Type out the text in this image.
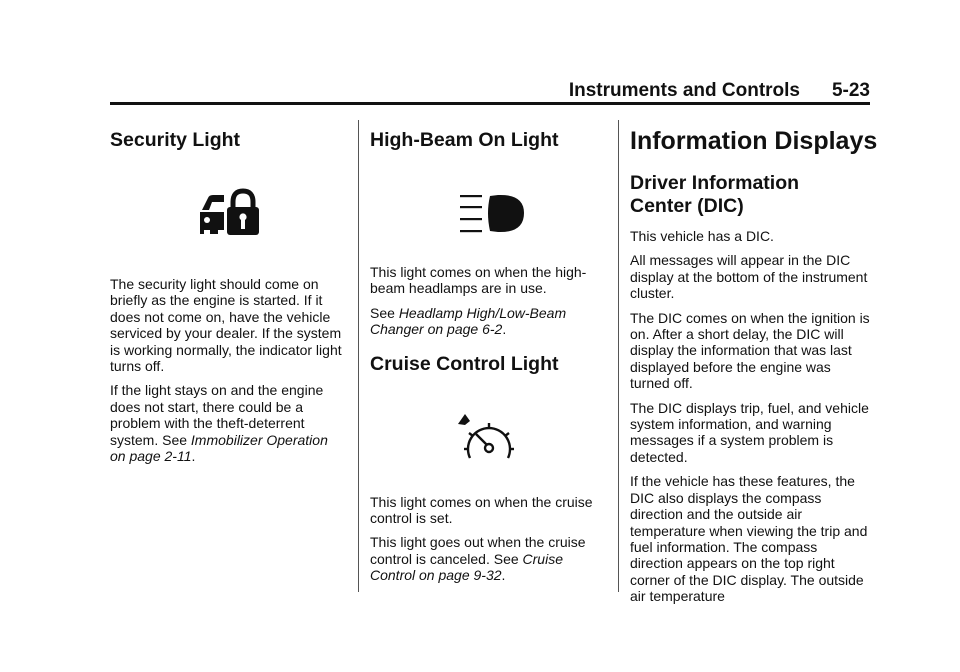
Instruments and Controls 5-23
Security Light

The security light should come on briefly as the engine is started. If it does not come on, have the vehicle serviced by your dealer. If the system is working normally, the indicator light turns off.

If the light stays on and the engine does not start, there could be a problem with the theft-deterrent system. See Immobilizer Operation on page 2-11.

High-Beam On Light

This light comes on when the high-beam headlamps are in use.

See Headlamp High/Low-Beam Changer on page 6-2.

Cruise Control Light

This light comes on when the cruise control is set.

This light goes out when the cruise control is canceled. See Cruise Control on page 9-32.

Information Displays
Driver Information
Center (DIC)

This vehicle has a DIC.

All messages will appear in the DIC display at the bottom of the instrument cluster.

The DIC comes on when the ignition is on. After a short delay, the DIC will display the information that was last displayed before the engine was turned off.

The DIC displays trip, fuel, and vehicle system information, and warning messages if a system problem is detected.

If the vehicle has these features, the DIC also displays the compass direction and the outside air temperature when viewing the trip and fuel information. The compass direction appears on the top right corner of the DIC display. The outside air temperature
